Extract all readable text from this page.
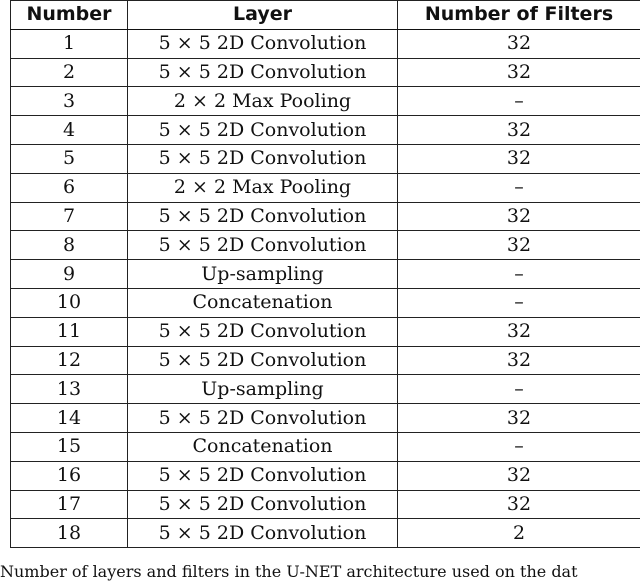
Number	Layer	Number of Filters
1	5 × 5 2D Convolution	32
2	5 × 5 2D Convolution	32
3	2 × 2 Max Pooling	–
4	5 × 5 2D Convolution	32
5	5 × 5 2D Convolution	32
6	2 × 2 Max Pooling	–
7	5 × 5 2D Convolution	32
8	5 × 5 2D Convolution	32
9	Up-sampling	–
10	Concatenation	–
11	5 × 5 2D Convolution	32
12	5 × 5 2D Convolution	32
13	Up-sampling	–
14	5 × 5 2D Convolution	32
15	Concatenation	–
16	5 × 5 2D Convolution	32
17	5 × 5 2D Convolution	32
18	5 × 5 2D Convolution	2
Number of layers and filters in the U-NET architecture used on the dat
